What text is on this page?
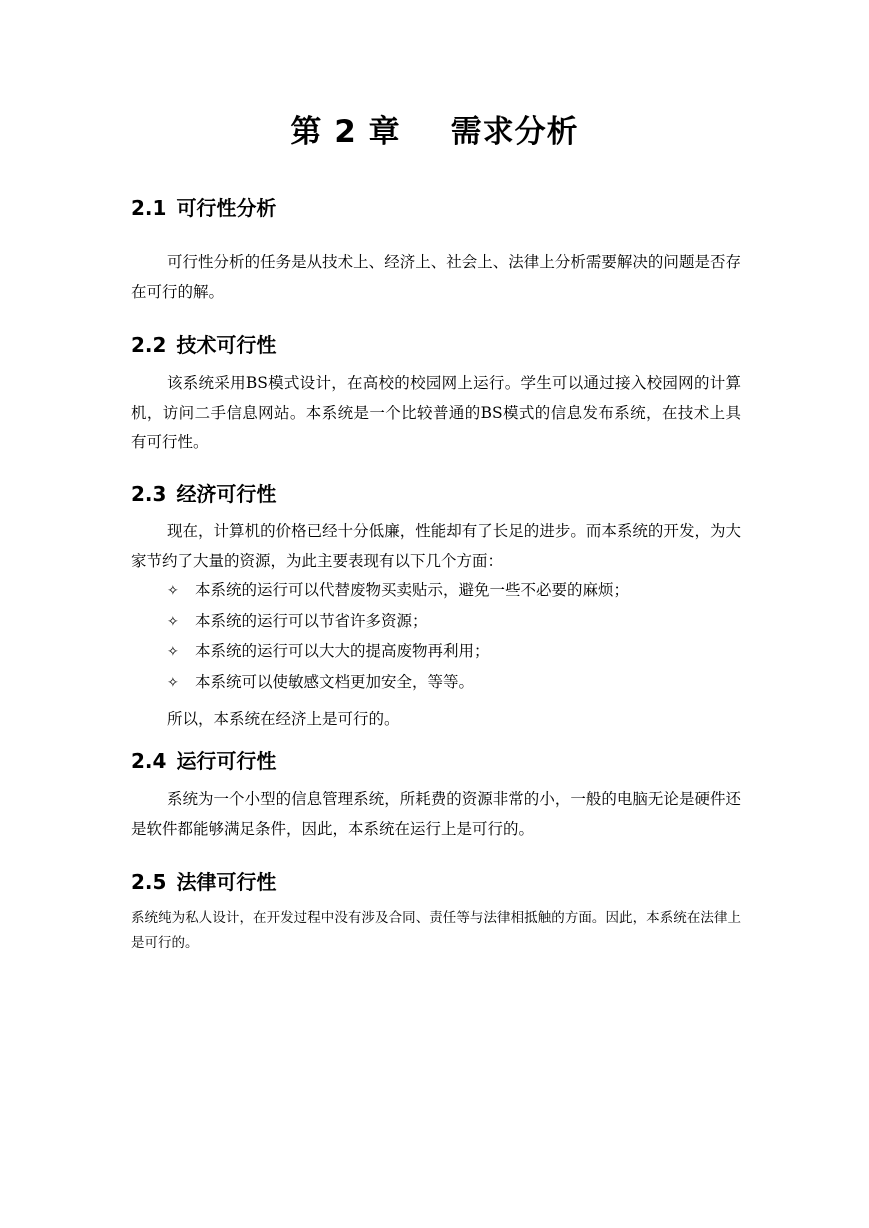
第 2 章 需求分析
2.1 可行性分析

可行性分析的任务是从技术上、经济上、社会上、法律上分析需要解决的问题是否存在可行的解。

2.2 技术可行性

该系统采用BS模式设计，在高校的校园网上运行。学生可以通过接入校园网的计算机，访问二手信息网站。本系统是一个比较普通的BS模式的信息发布系统，在技术上具有可行性。

2.3 经济可行性

现在，计算机的价格已经十分低廉，性能却有了长足的进步。而本系统的开发，为大家节约了大量的资源，为此主要表现有以下几个方面：

✧ 本系统的运行可以代替废物买卖贴示，避免一些不必要的麻烦；
✧ 本系统的运行可以节省许多资源；
✧ 本系统的运行可以大大的提高废物再利用；
✧ 本系统可以使敏感文档更加安全，等等。

所以，本系统在经济上是可行的。

2.4 运行可行性

系统为一个小型的信息管理系统，所耗费的资源非常的小，一般的电脑无论是硬件还是软件都能够满足条件，因此，本系统在运行上是可行的。

2.5 法律可行性

系统纯为私人设计，在开发过程中没有涉及合同、责任等与法律相抵触的方面。因此，本系统在法律上是可行的。
